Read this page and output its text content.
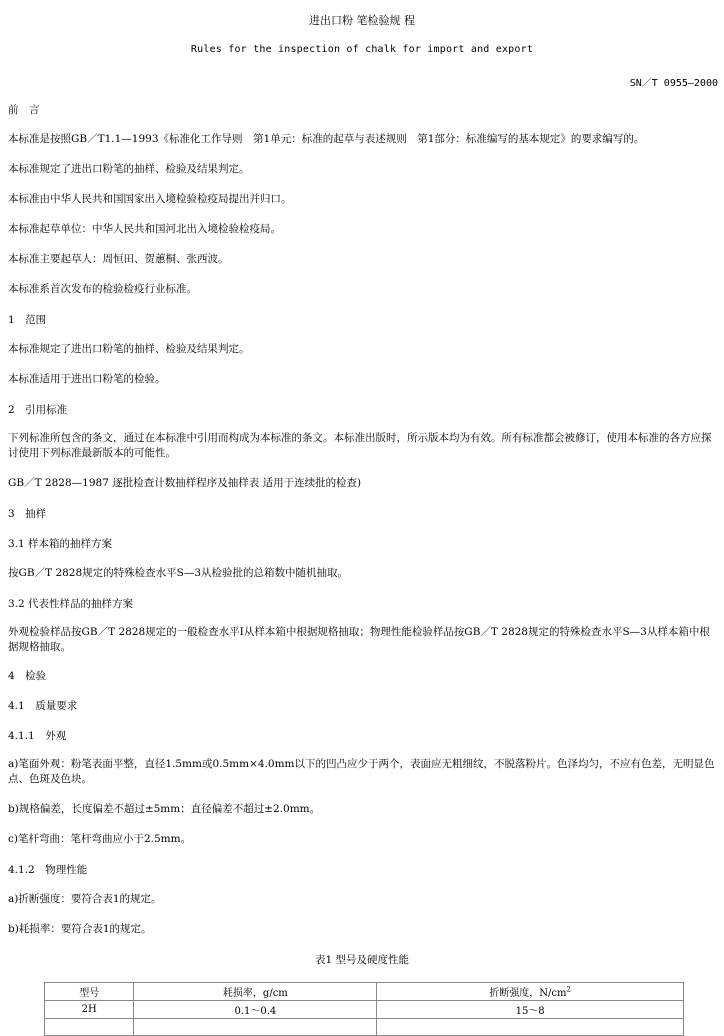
进出口粉 笔检验规 程
Rules for the inspection of chalk for import and export
SN／T 0955—2000
前　言

本标准是按照GB／T1.1—1993《标准化工作导则　第1单元：标准的起草与表述规则　第1部分：标准编写的基本规定》的要求编写的。

本标准规定了进出口粉笔的抽样、检验及结果判定。

本标准由中华人民共和国国家出入境检验检疫局提出并归口。

本标准起草单位：中华人民共和国河北出入境检验检疫局。

本标准主要起草人：周恒田、贺蕙桐、张西波。

本标准系首次发布的检验检疫行业标准。

1　范围

本标准规定了进出口粉笔的抽样、检验及结果判定。

本标准适用于进出口粉笔的检验。

2　引用标准

下列标准所包含的条文，通过在本标准中引用而构成为本标准的条文。本标准出版时，所示版本均为有效。所有标准都会被修订，使用本标准的各方应探讨使用下列标准最新版本的可能性。

GB／T 2828—1987 逐批检查计数抽样程序及抽样表 适用于连续批的检查)

3　抽样
3.1 样本箱的抽样方案

按GB／T 2828规定的特殊检查水平S—3从检验批的总箱数中随机抽取。

3.2 代表性样品的抽样方案

外观检验样品按GB／T 2828规定的一般检查水平Ⅰ从样本箱中根据规格抽取；物理性能检验样品按GB／T 2828规定的特殊检查水平S—3从样本箱中根据规格抽取。

4　检验
4.1　质量要求
4.1.1　外观

a)笔面外观：粉笔表面平整，直径1.5mm或0.5mm×4.0mm以下的凹凸应少于两个，表面应无粗细纹，不脱落粉片。色泽均匀，不应有色差，无明显色点、色斑及色块。

b)规格偏差，长度偏差不超过±5mm；直径偏差不超过±2.0mm。

c)笔杆弯曲：笔杆弯曲应小于2.5mm。

4.1.2　物理性能

a)折断强度：要符合表1的规定。

b)耗损率：要符合表1的规定。

表1 型号及硬度性能
型号	耗损率，g/cm	折断强度，$N/cm^2$
2H	0.1～0.4	15～8
